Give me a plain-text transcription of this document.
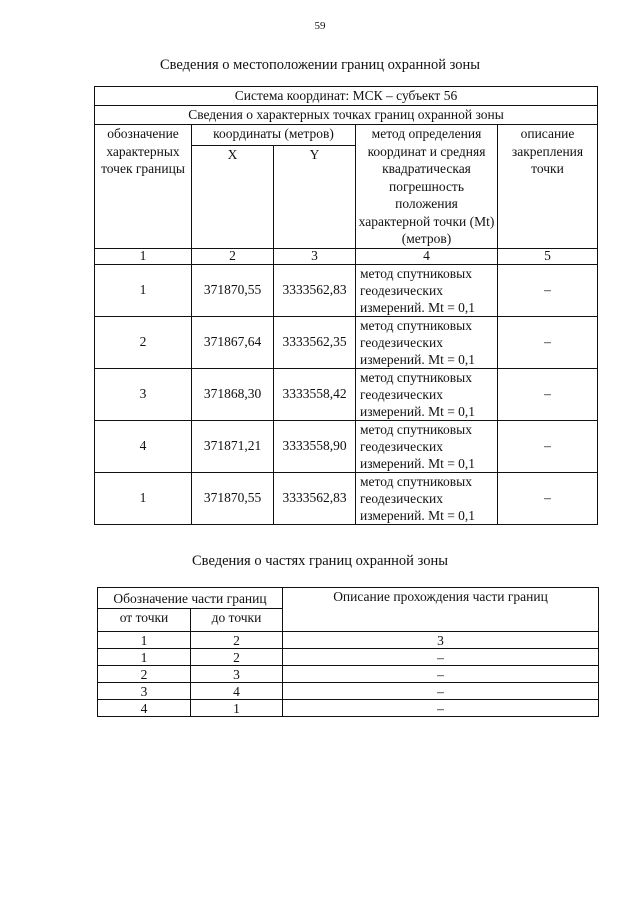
59
Сведения о местоположении границ охранной зоны
Система координат: МСК – субъект 56				
Сведения о характерных точках границ охранной зоны				
обозначение характерных точек границы	координаты (метров)		метод определения координат и средняя квадратическая погрешность положения характерной точки (Mt) (метров)	описание закрепления точки
	X	Y		
1	2	3	4	5
1	371870,55	3333562,83	метод спутниковых геодезических измерений. Mt = 0,1	–
2	371867,64	3333562,35	метод спутниковых геодезических измерений. Mt = 0,1	–
3	371868,30	3333558,42	метод спутниковых геодезических измерений. Mt = 0,1	–
4	371871,21	3333558,90	метод спутниковых геодезических измерений. Mt = 0,1	–
1	371870,55	3333562,83	метод спутниковых геодезических измерений. Mt = 0,1	–
Сведения о частях границ охранной зоны
Обозначение части границ		Описание прохождения части границ
от точки	до точки	
1	2	3
1	2	–
2	3	–
3	4	–
4	1	–
